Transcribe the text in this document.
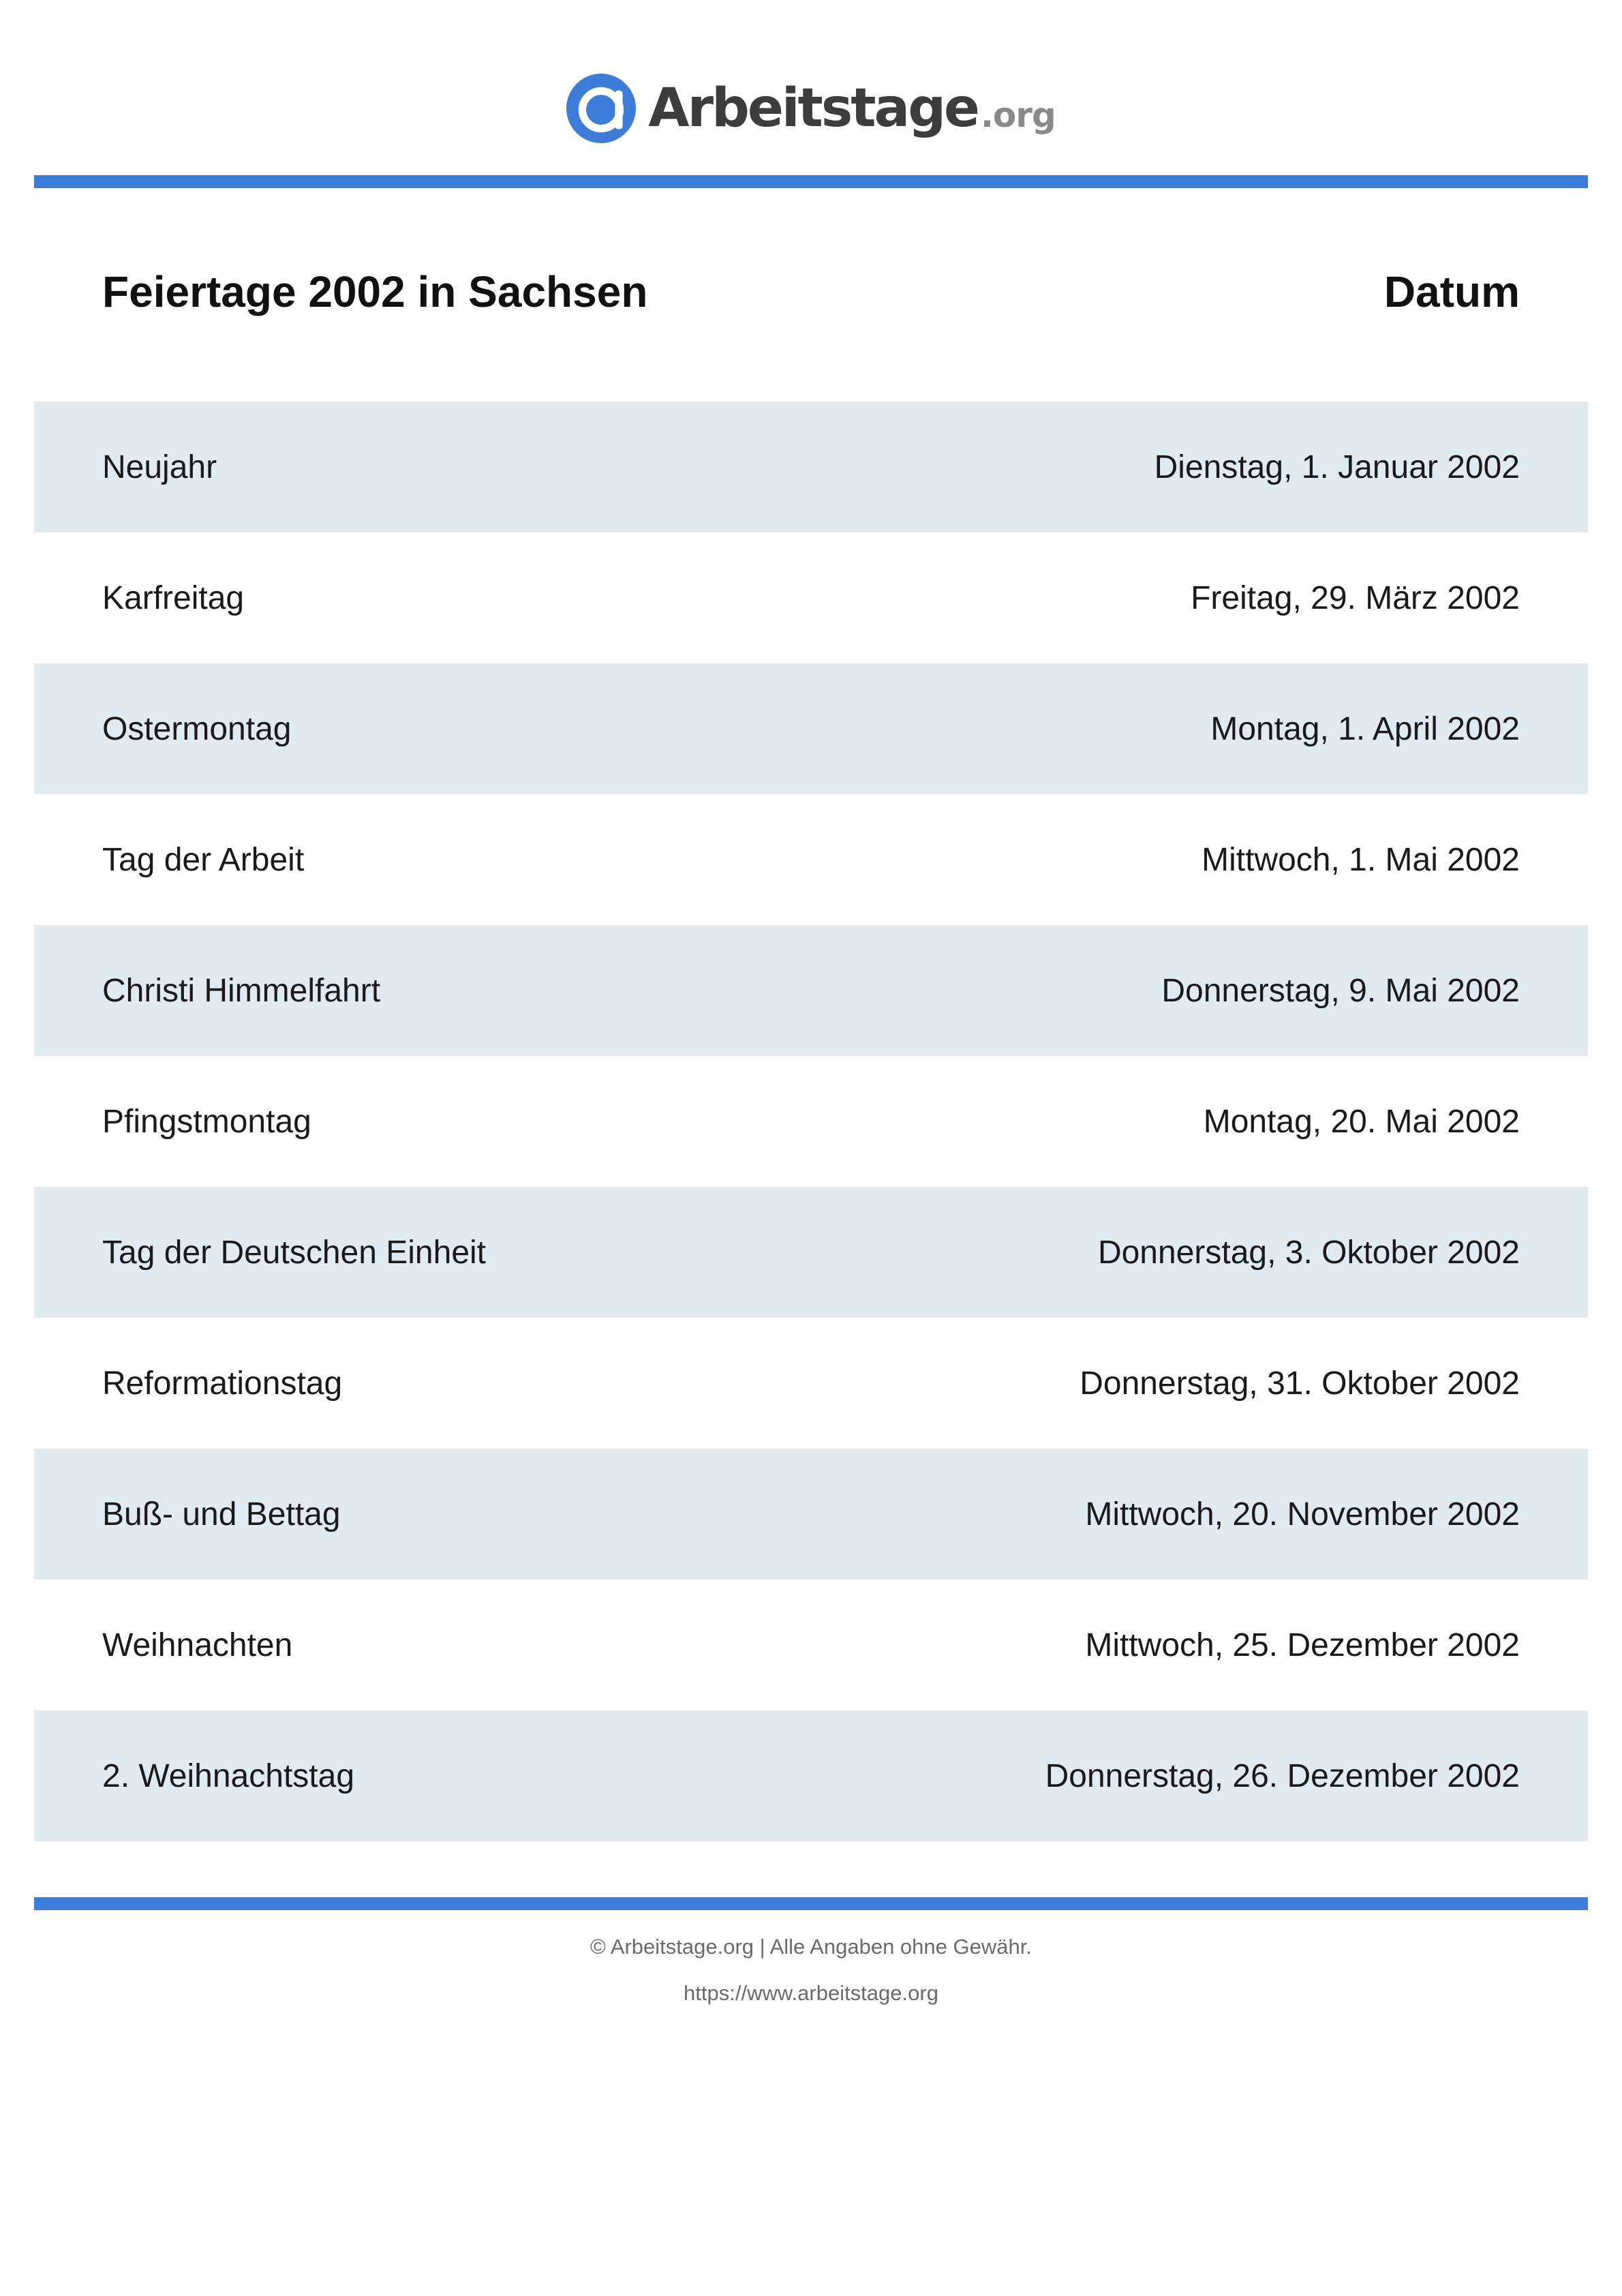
Arbeitstage .org
Feiertage 2002 in Sachsen	Datum
Neujahr	Dienstag, 1. Januar 2002
Karfreitag	Freitag, 29. März 2002
Ostermontag	Montag, 1. April 2002
Tag der Arbeit	Mittwoch, 1. Mai 2002
Christi Himmelfahrt	Donnerstag, 9. Mai 2002
Pfingstmontag	Montag, 20. Mai 2002
Tag der Deutschen Einheit	Donnerstag, 3. Oktober 2002
Reformationstag	Donnerstag, 31. Oktober 2002
Buß- und Bettag	Mittwoch, 20. November 2002
Weihnachten	Mittwoch, 25. Dezember 2002
2. Weihnachtstag	Donnerstag, 26. Dezember 2002
© Arbeitstage.org | Alle Angaben ohne Gewähr.
https://www.arbeitstage.org
